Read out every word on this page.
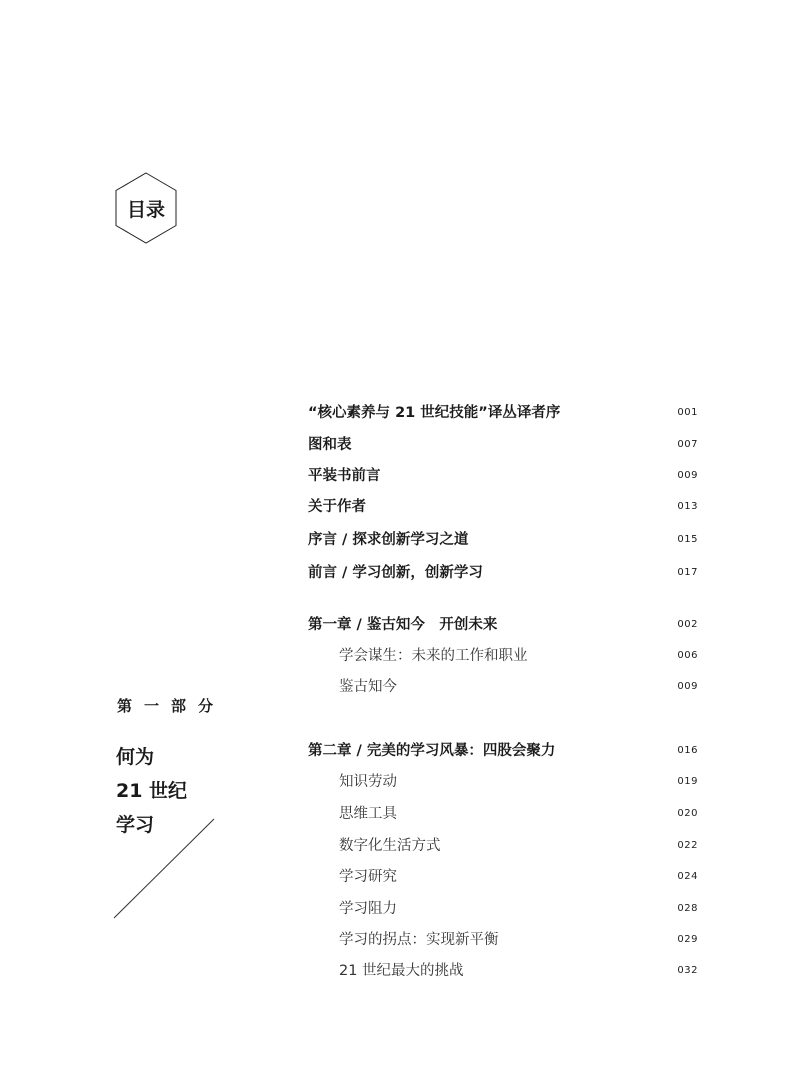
目录
第一部分
何为
21 世纪
学习
“核心素养与 21 世纪技能”译丛译者序	001
图和表	007
平装书前言	009
关于作者	013
序言 / 探求创新学习之道	015
前言 / 学习创新，创新学习	017
第一章 / 鉴古知今　开创未来	002
学会谋生：未来的工作和职业	006
鉴古知今	009
第二章 / 完美的学习风暴：四股会聚力	016
知识劳动	019
思维工具	020
数字化生活方式	022
学习研究	024
学习阻力	028
学习的拐点：实现新平衡	029
21 世纪最大的挑战	032
